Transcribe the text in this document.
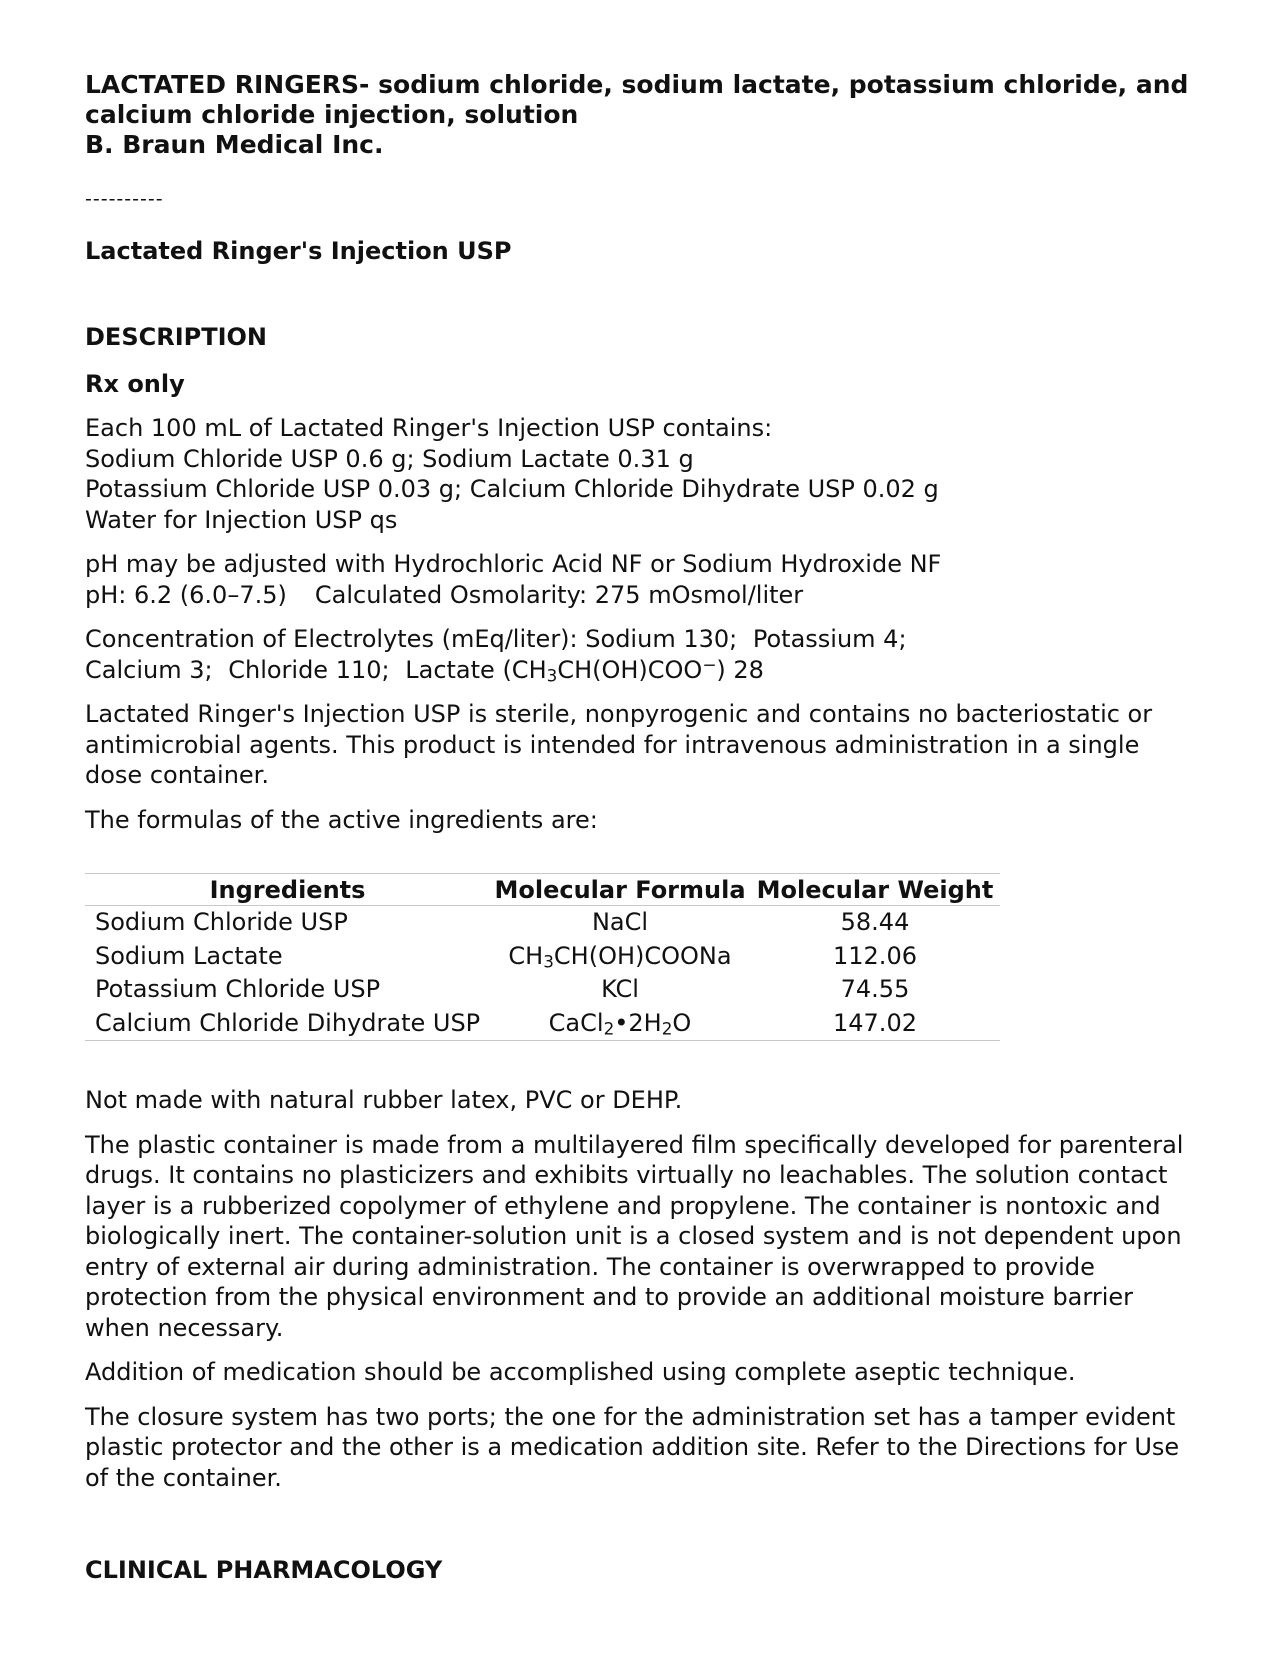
LACTATED RINGERS- sodium chloride, sodium lactate, potassium chloride, and
calcium chloride injection, solution
B. Braun Medical Inc.
----------
Lactated Ringer's Injection USP
DESCRIPTION
Rx only
Each 100 mL of Lactated Ringer's Injection USP contains:
Sodium Chloride USP 0.6 g; Sodium Lactate 0.31 g
Potassium Chloride USP 0.03 g; Calcium Chloride Dihydrate USP 0.02 g
Water for Injection USP qs
pH may be adjusted with Hydrochloric Acid NF or Sodium Hydroxide NF
pH: 6.2 (6.0–7.5) Calculated Osmolarity: 275 mOsmol/liter
Concentration of Electrolytes (mEq/liter): Sodium 130; Potassium 4;
Calcium 3; Chloride 110; Lactate $(CH_3CH(OH)COO^-)$ 28
Lactated Ringer's Injection USP is sterile, nonpyrogenic and contains no bacteriostatic or antimicrobial agents. This product is intended for intravenous administration in a single dose container.
The formulas of the active ingredients are:
Ingredients	Molecular Formula	Molecular Weight
Sodium Chloride USP	NaCl	58.44
Sodium Lactate	$CH_3CH(OH)COONa$	112.06
Potassium Chloride USP	KCl	74.55
Calcium Chloride Dihydrate USP	$CaCl_2•2H_2O$	147.02
Not made with natural rubber latex, PVC or DEHP.
The plastic container is made from a multilayered film specifically developed for parenteral drugs. It contains no plasticizers and exhibits virtually no leachables. The solution contact layer is a rubberized copolymer of ethylene and propylene. The container is nontoxic and biologically inert. The container-solution unit is a closed system and is not dependent upon entry of external air during administration. The container is overwrapped to provide protection from the physical environment and to provide an additional moisture barrier when necessary.
Addition of medication should be accomplished using complete aseptic technique.
The closure system has two ports; the one for the administration set has a tamper evident plastic protector and the other is a medication addition site. Refer to the Directions for Use of the container.
CLINICAL PHARMACOLOGY
